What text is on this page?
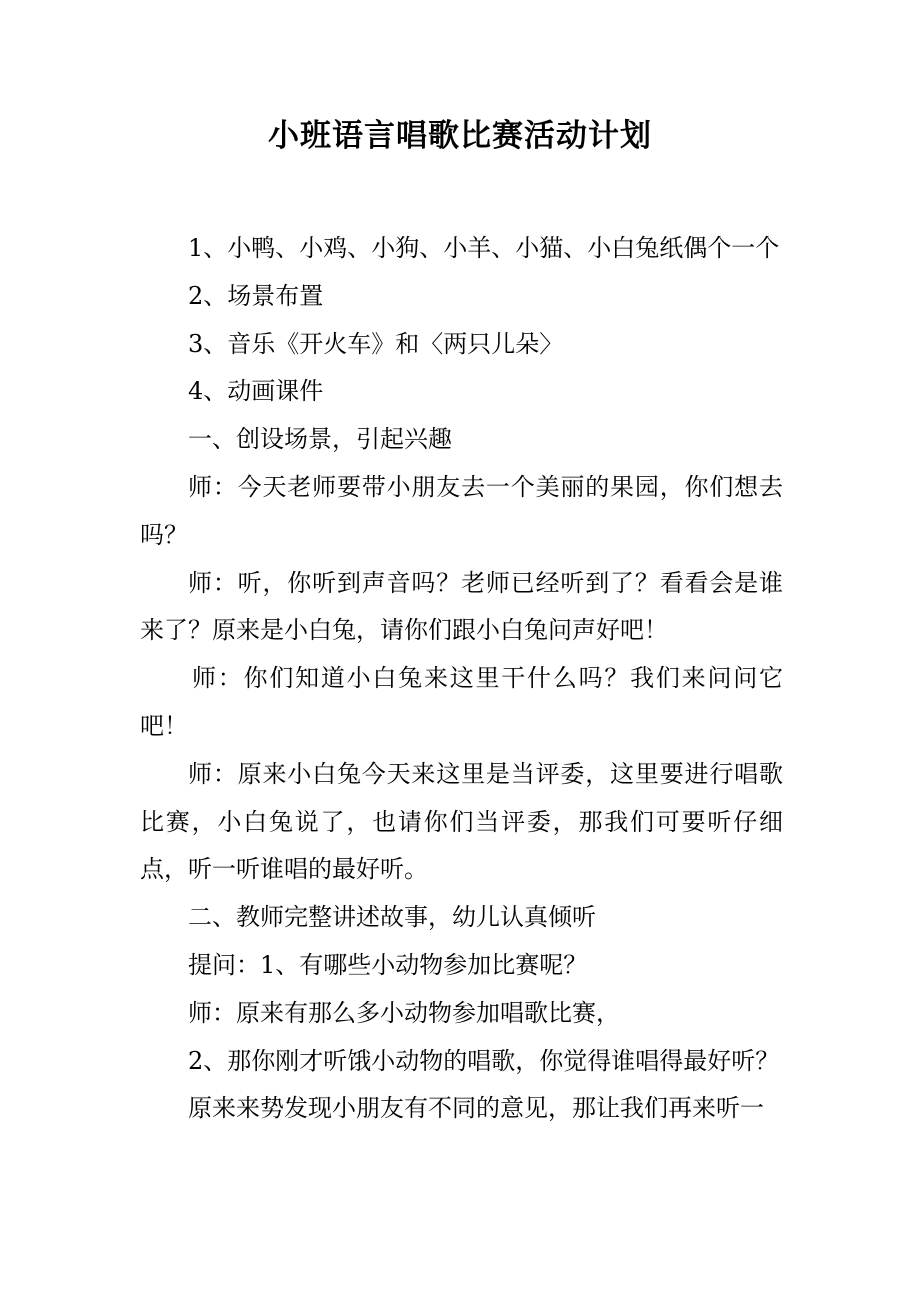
小班语言唱歌比赛活动计划

1、小鸭、小鸡、小狗、小羊、小猫、小白兔纸偶个一个

2、场景布置

3、音乐《开火车》和〈两只儿朵〉

4、动画课件

一、创设场景，引起兴趣

师：今天老师要带小朋友去一个美丽的果园，你们想去吗？

师：听，你听到声音吗？老师已经听到了？看看会是谁来了？原来是小白兔，请你们跟小白兔问声好吧！

师：你们知道小白兔来这里干什么吗？我们来问问它吧！

师：原来小白兔今天来这里是当评委，这里要进行唱歌比赛，小白兔说了，也请你们当评委，那我们可要听仔细点，听一听谁唱的最好听。

二、教师完整讲述故事，幼儿认真倾听

提问：1、有哪些小动物参加比赛呢？

师：原来有那么多小动物参加唱歌比赛，

2、那你刚才听饿小动物的唱歌，你觉得谁唱得最好听？

原来来势发现小朋友有不同的意见，那让我们再来听一
